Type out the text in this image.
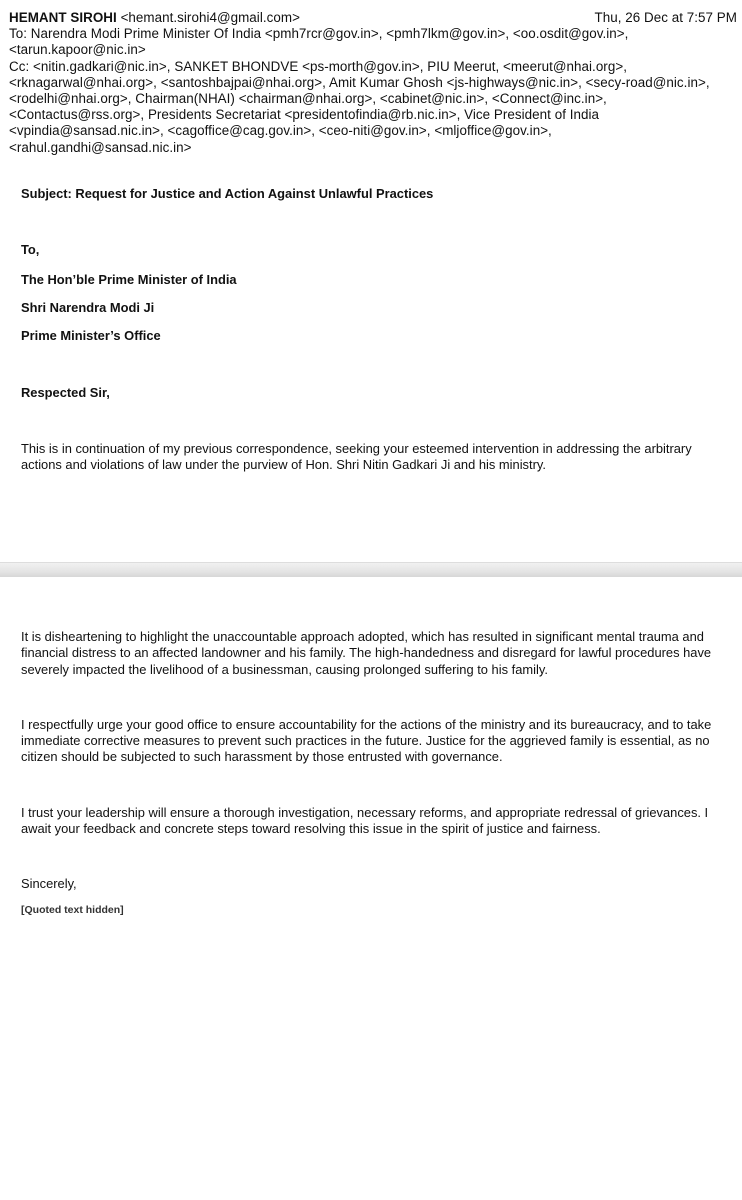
HEMANT SIROHI <hemant.sirohi4@gmail.com>	Thu, 26 Dec at 7:57 PM

To: Narendra Modi Prime Minister Of India <pmh7rcr@gov.in>, <pmh7lkm@gov.in>, <oo.osdit@gov.in>, <tarun.kapoor@nic.in>

Cc: <nitin.gadkari@nic.in>, SANKET BHONDVE <ps-morth@gov.in>, PIU Meerut, <meerut@nhai.org>, <rknagarwal@nhai.org>, <santoshbajpai@nhai.org>, Amit Kumar Ghosh <js-highways@nic.in>, <secy-road@nic.in>, <rodelhi@nhai.org>, Chairman(NHAI) <chairman@nhai.org>, <cabinet@nic.in>, <Connect@inc.in>, <Contactus@rss.org>, Presidents Secretariat <presidentofindia@rb.nic.in>, Vice President of India <vpindia@sansad.nic.in>, <cagoffice@cag.gov.in>, <ceo-niti@gov.in>, <mljoffice@gov.in>, <rahul.gandhi@sansad.nic.in>

Subject: Request for Justice and Action Against Unlawful Practices

To,

The Hon’ble Prime Minister of India

Shri Narendra Modi Ji

Prime Minister’s Office

Respected Sir,

This is in continuation of my previous correspondence, seeking your esteemed intervention in addressing the arbitrary actions and violations of law under the purview of Hon. Shri Nitin Gadkari Ji and his ministry.

It is disheartening to highlight the unaccountable approach adopted, which has resulted in significant mental trauma and financial distress to an affected landowner and his family. The high-handedness and disregard for lawful procedures have severely impacted the livelihood of a businessman, causing prolonged suffering to his family.

I respectfully urge your good office to ensure accountability for the actions of the ministry and its bureaucracy, and to take immediate corrective measures to prevent such practices in the future. Justice for the aggrieved family is essential, as no citizen should be subjected to such harassment by those entrusted with governance.

I trust your leadership will ensure a thorough investigation, necessary reforms, and appropriate redressal of grievances. I await your feedback and concrete steps toward resolving this issue in the spirit of justice and fairness.

Sincerely,

[Quoted text hidden]
